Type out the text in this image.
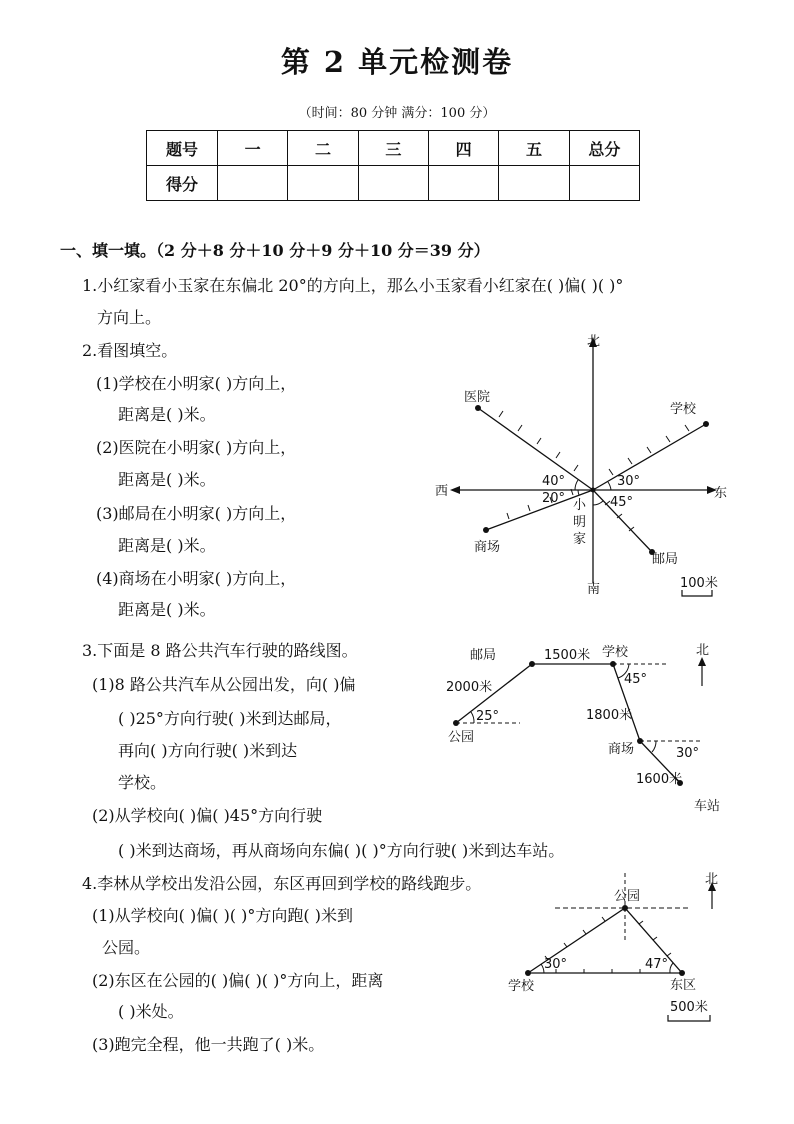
第 2 单元检测卷
（时间：80 分钟 满分：100 分）
题号	一	二	三	四	五	总分
得分						
一、填一填。（2 分＋8 分＋10 分＋9 分＋10 分＝39 分）
1.小红家看小玉家在东偏北 20°的方向上，那么小玉家看小红家在( )偏( )( )°
方向上。
2.看图填空。
(1)学校在小明家( )方向上，
距离是( )米。
(2)医院在小明家( )方向上，
距离是( )米。
(3)邮局在小明家( )方向上，
距离是( )米。
(4)商场在小明家( )方向上，
距离是( )米。
北
南
西	东
医院
学校
商场
邮局
小
明
家
40°	30°
20°	45°
100米
3.下面是 8 路公共汽车行驶的路线图。
(1)8 路公共汽车从公园出发，向( )偏
( )25°方向行驶( )米到达邮局，
再向( )方向行驶( )米到达
学校。
(2)从学校向( )偏( )45°方向行驶
( )米到达商场，再从商场向东偏( )( )°方向行驶( )米到达车站。
邮局	1500米 学校	北
2000米
45°
25°
公园
1800米
商场	30°
1600米
车站
4.李林从学校出发沿公园，东区再回到学校的路线跑步。
(1)从学校向( )偏( )( )°方向跑( )米到
公园。
(2)东区在公园的( )偏( )( )°方向上，距离
( )米处。
(3)跑完全程，他一共跑了( )米。
公园
北
学校
30°	47°
东区
500米
